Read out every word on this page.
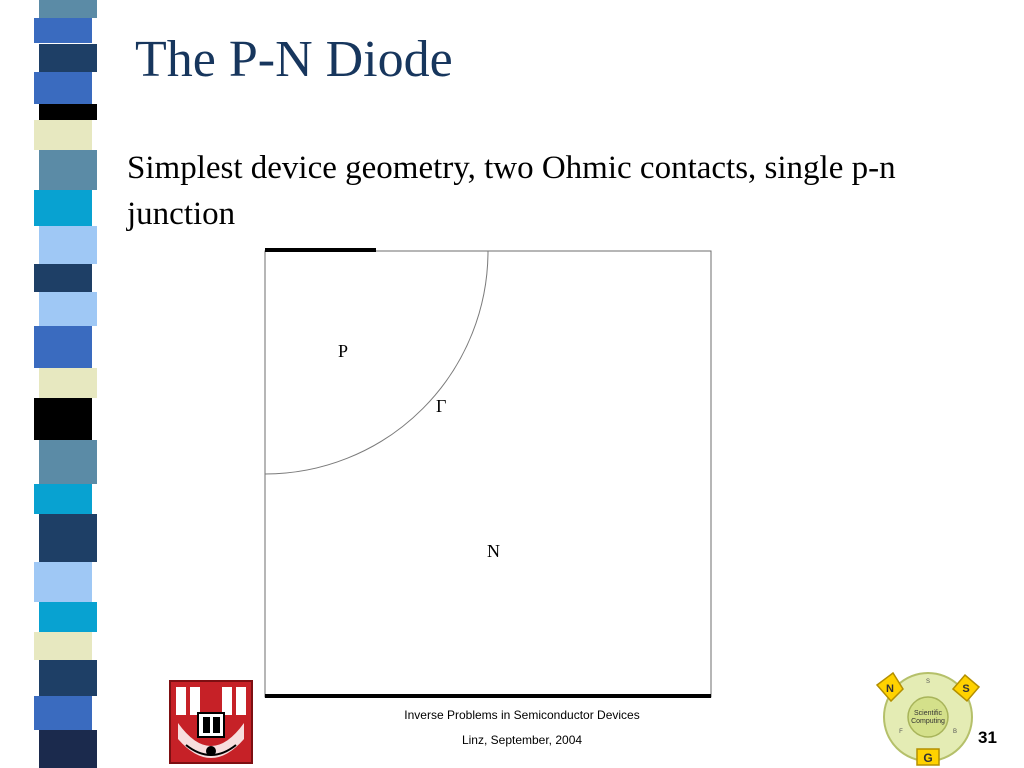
The P-N Diode

Simplest device geometry, two Ohmic contacts, single p-n junction

P
Γ
N

Inverse Problems in Semiconductor Devices

Linz, September, 2004

Scientific
Computing
N	S
G
S
F	B 31
